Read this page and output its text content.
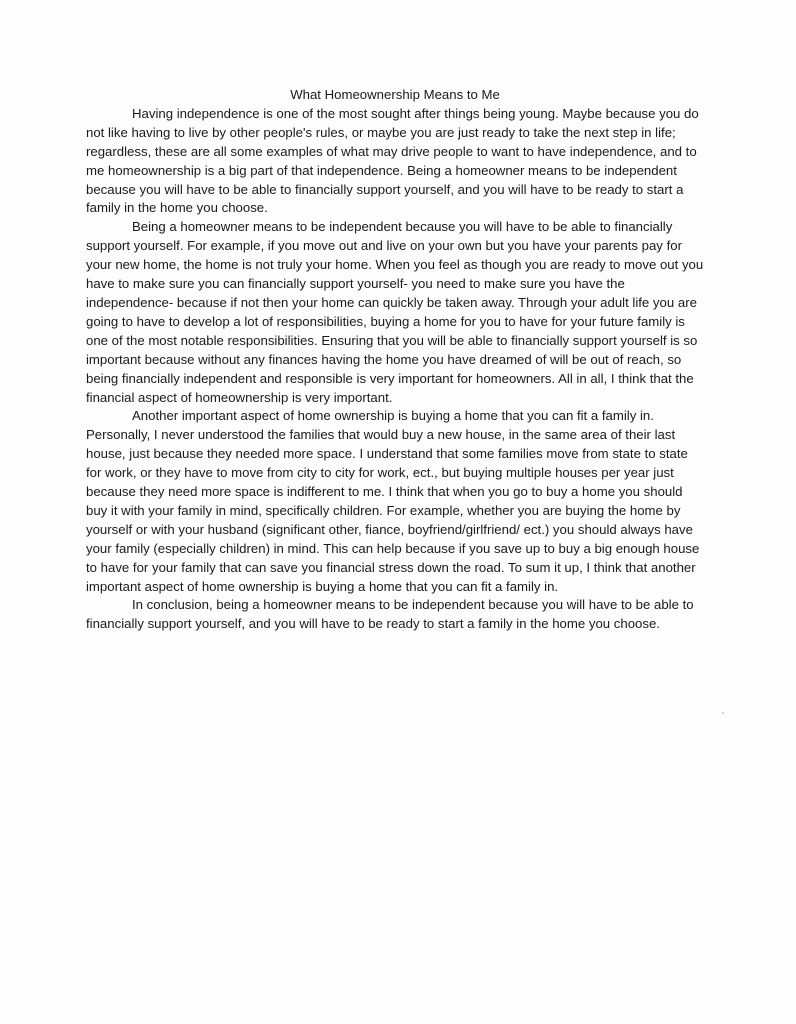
What Homeownership Means to Me

Having independence is one of the most sought after things being young. Maybe because you do not like having to live by other people's rules, or maybe you are just ready to take the next step in life; regardless, these are all some examples of what may drive people to want to have independence, and to me homeownership is a big part of that independence. Being a homeowner means to be independent because you will have to be able to financially support yourself, and you will have to be ready to start a family in the home you choose.

Being a homeowner means to be independent because you will have to be able to financially support yourself. For example, if you move out and live on your own but you have your parents pay for your new home, the home is not truly your home. When you feel as though you are ready to move out you have to make sure you can financially support yourself- you need to make sure you have the independence- because if not then your home can quickly be taken away. Through your adult life you are going to have to develop a lot of responsibilities, buying a home for you to have for your future family is one of the most notable responsibilities. Ensuring that you will be able to financially support yourself is so important because without any finances having the home you have dreamed of will be out of reach, so being financially independent and responsible is very important for homeowners. All in all, I think that the financial aspect of homeownership is very important.

Another important aspect of home ownership is buying a home that you can fit a family in. Personally, I never understood the families that would buy a new house, in the same area of their last house, just because they needed more space. I understand that some families move from state to state for work, or they have to move from city to city for work, ect., but buying multiple houses per year just because they need more space is indifferent to me. I think that when you go to buy a home you should buy it with your family in mind, specifically children. For example, whether you are buying the home by yourself or with your husband (significant other, fiance, boyfriend/girlfriend/ ect.) you should always have your family (especially children) in mind. This can help because if you save up to buy a big enough house to have for your family that can save you financial stress down the road. To sum it up, I think that another important aspect of home ownership is buying a home that you can fit a family in.

In conclusion, being a homeowner means to be independent because you will have to be able to financially support yourself, and you will have to be ready to start a family in the home you choose.
